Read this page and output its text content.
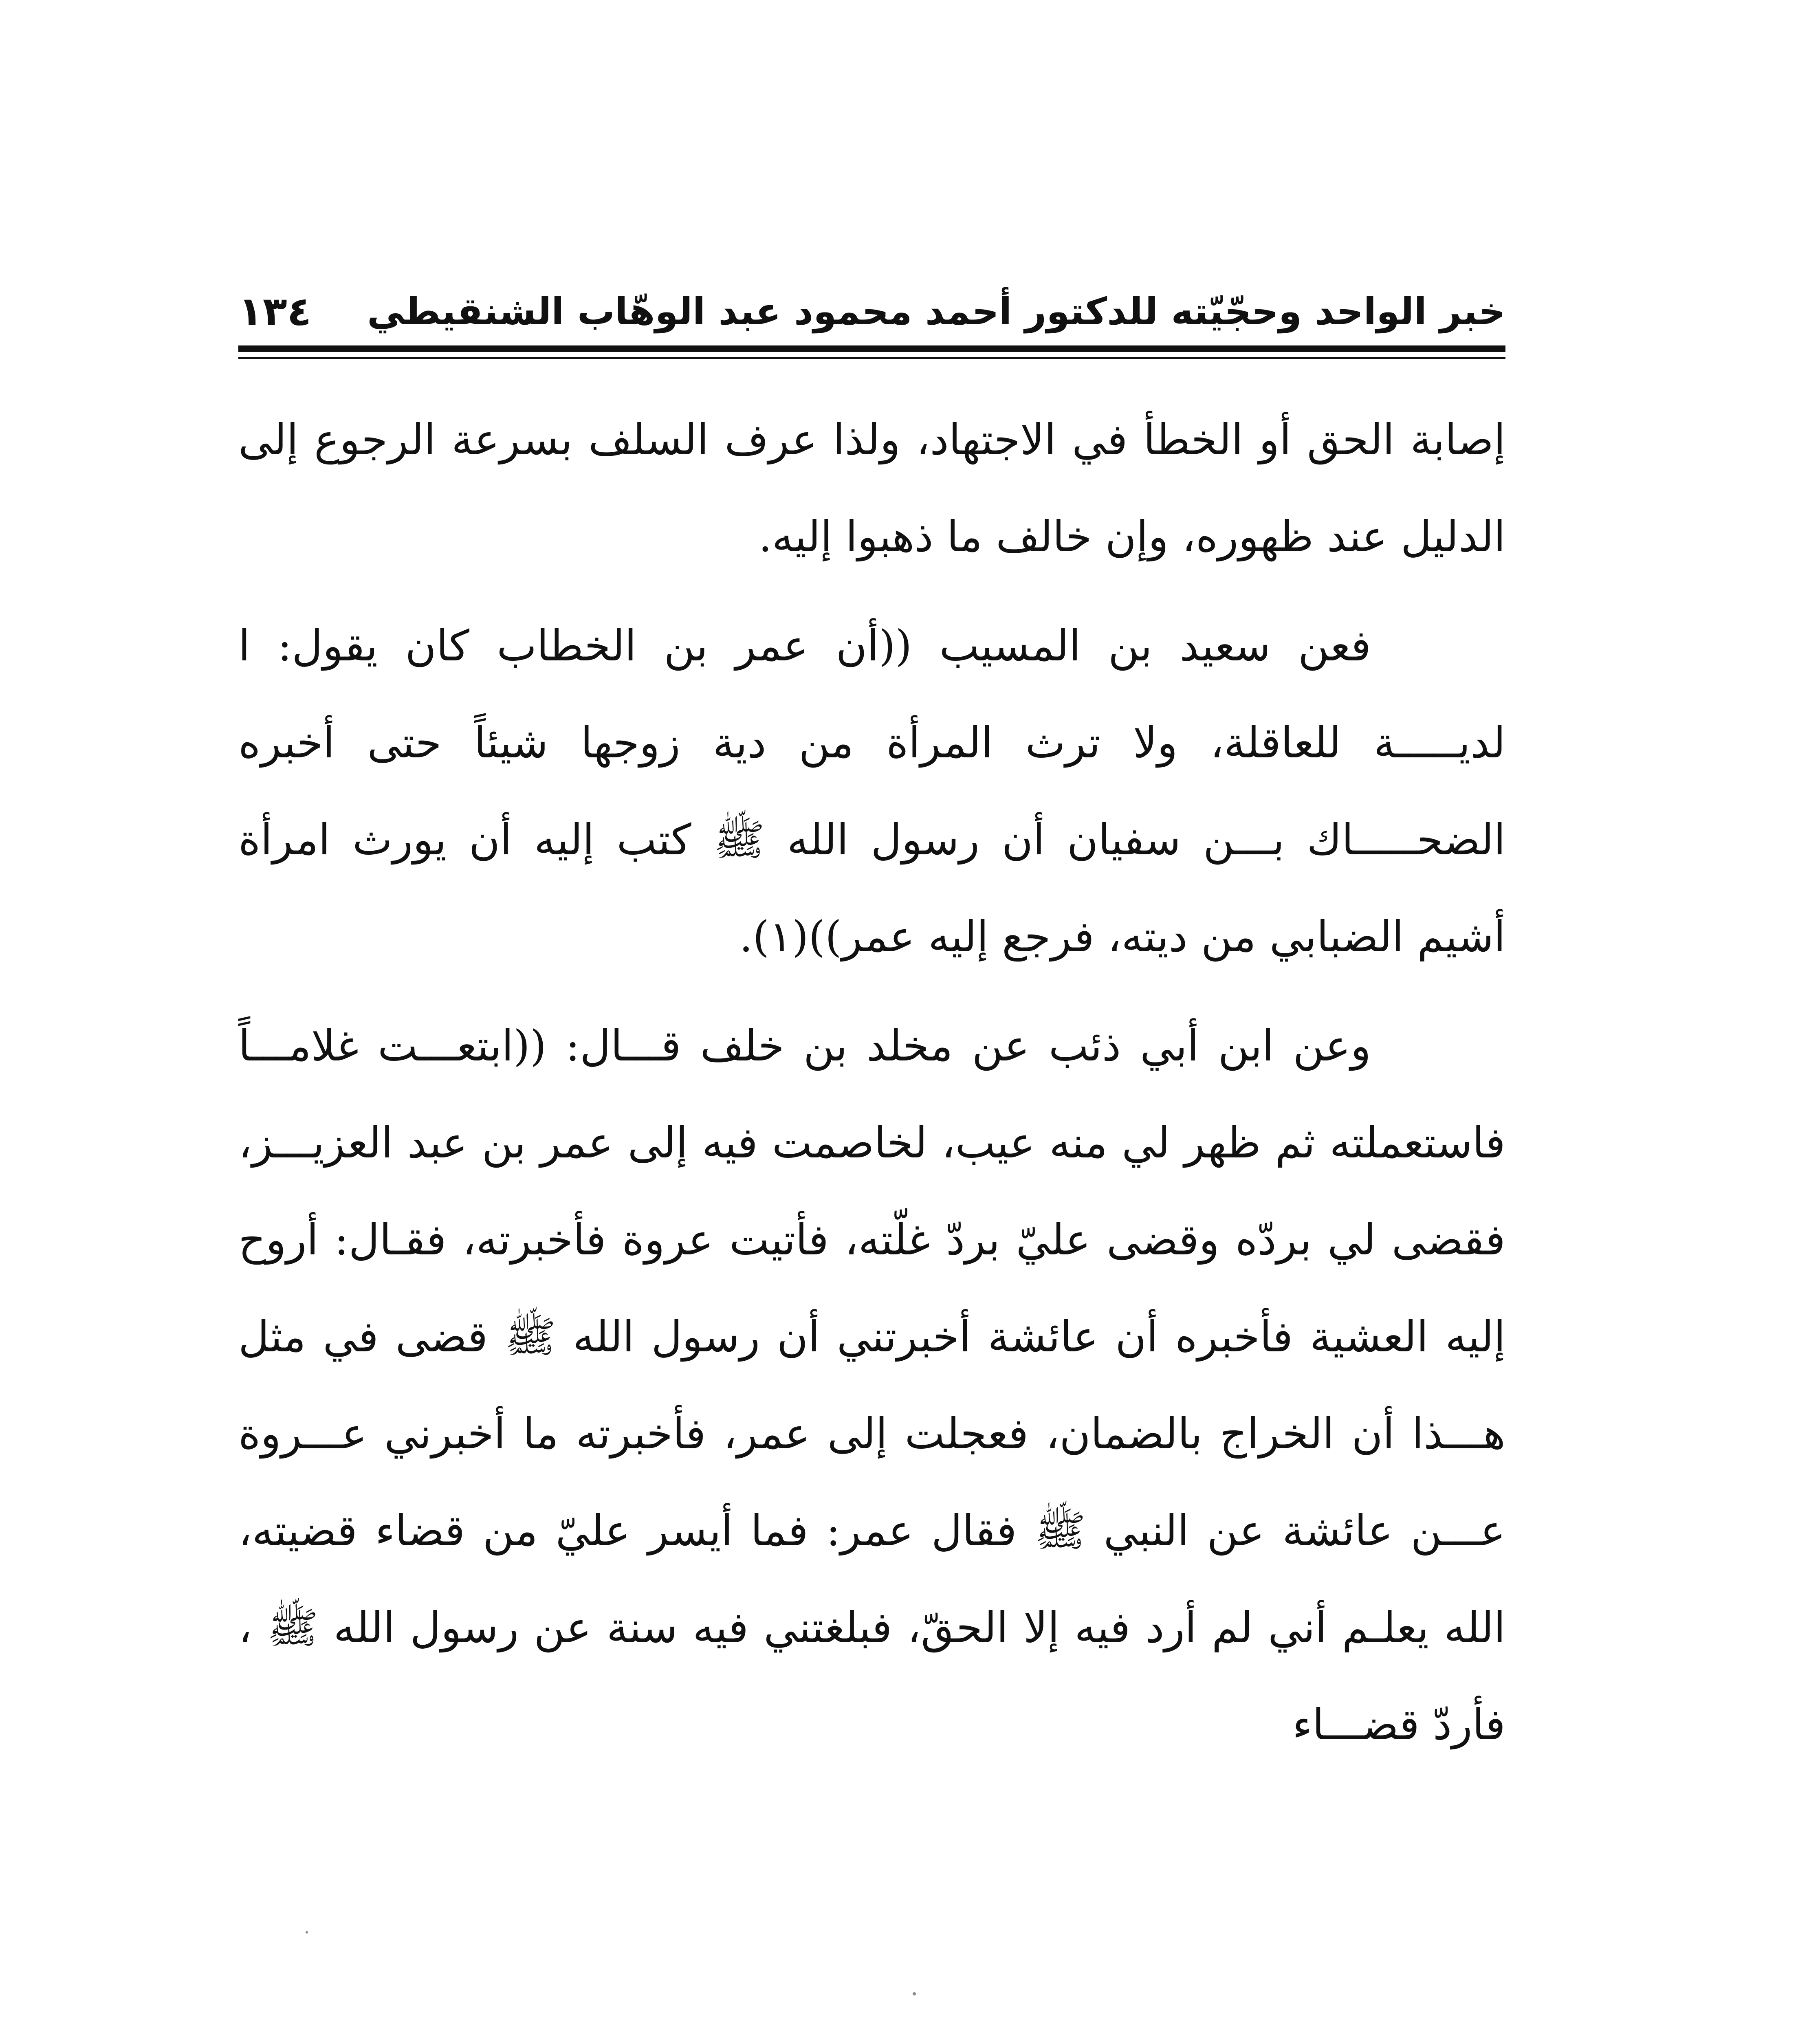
خبر الواحد وحجّيّته للدكتور أحمد محمود عبد الوهّاب الشنقيطي
١٣٤

إصابة الحق أو الخطأ في الاجتهاد، ولذا عرف السلف بسرعة الرجوع إلى الدليل عند ظهوره، وإن خالف ما ذهبوا إليه.

فعن سعيد بن المسيب ((أن عمر بن الخطاب كان يقول: ا لديـــــة للعاقلة، ولا ترث المرأة من دية زوجها شيئاً حتى أخبره الضحـــــاك بـــن سفيان أن رسول الله ﷺ كتب إليه أن يورث امرأة أشيم الضبابي من ديته، فرجع إليه عمر))(١).

وعن ابن أبي ذئب عن مخلد بن خلف قـــال: ((ابتعـــت غلامـــاً فاستعملته ثم ظهر لي منه عيب، لخاصمت فيه إلى عمر بن عبد العزيـــز، فقضى لي بردّه وقضى عليّ بردّ غلّته، فأتيت عروة فأخبرته، فقـال: أروح إليه العشية فأخبره أن عائشة أخبرتني أن رسول الله ﷺ قضى في مثل هـــذا أن الخراج بالضمان، فعجلت إلى عمر، فأخبرته ما أخبرني عـــروة عـــن عائشة عن النبي ﷺ فقال عمر: فما أيسر عليّ من قضاء قضيته، الله يعلـم أني لم أرد فيه إلا الحقّ، فبلغتني فيه سنة عن رسول الله ﷺ ، فأردّ قضـــاء
